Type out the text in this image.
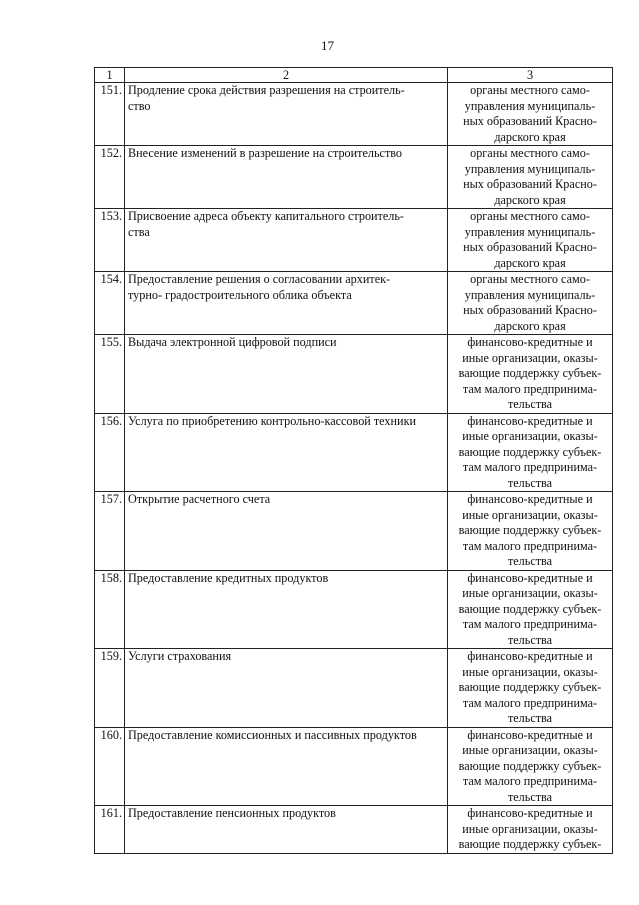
17
1	2	3
151.	Продление срока действия разрешения на строитель-
ство	органы местного само-
управления муниципаль-
ных образований Красно-
дарского края

152.	Внесение изменений в разрешение на строительство	органы местного само-
управления муниципаль-
ных образований Красно-
дарского края

153.	Присвоение адреса объекту капитального строитель-
ства	органы местного само-
управления муниципаль-
ных образований Красно-
дарского края

154.	Предоставление решения о согласовании архитек-
турно- градостроительного облика объекта	органы местного само-
управления муниципаль-
ных образований Красно-
дарского края

155.	Выдача электронной цифровой подписи	финансово-кредитные и
иные организации, оказы-
вающие поддержку субъек-
там малого предпринима-
тельства

156.	Услуга по приобретению контрольно-кассовой техники	финансово-кредитные и
иные организации, оказы-
вающие поддержку субъек-
там малого предпринима-
тельства

157.	Открытие расчетного счета	финансово-кредитные и
иные организации, оказы-
вающие поддержку субъек-
там малого предпринима-
тельства

158.	Предоставление кредитных продуктов	финансово-кредитные и
иные организации, оказы-
вающие поддержку субъек-
там малого предпринима-
тельства

159.	Услуги страхования	финансово-кредитные и
иные организации, оказы-
вающие поддержку субъек-
там малого предпринима-
тельства

160.	Предоставление комиссионных и пассивных продуктов	финансово-кредитные и
иные организации, оказы-
вающие поддержку субъек-
там малого предпринима-
тельства

161.	Предоставление пенсионных продуктов	финансово-кредитные и
иные организации, оказы-
вающие поддержку субъек-
